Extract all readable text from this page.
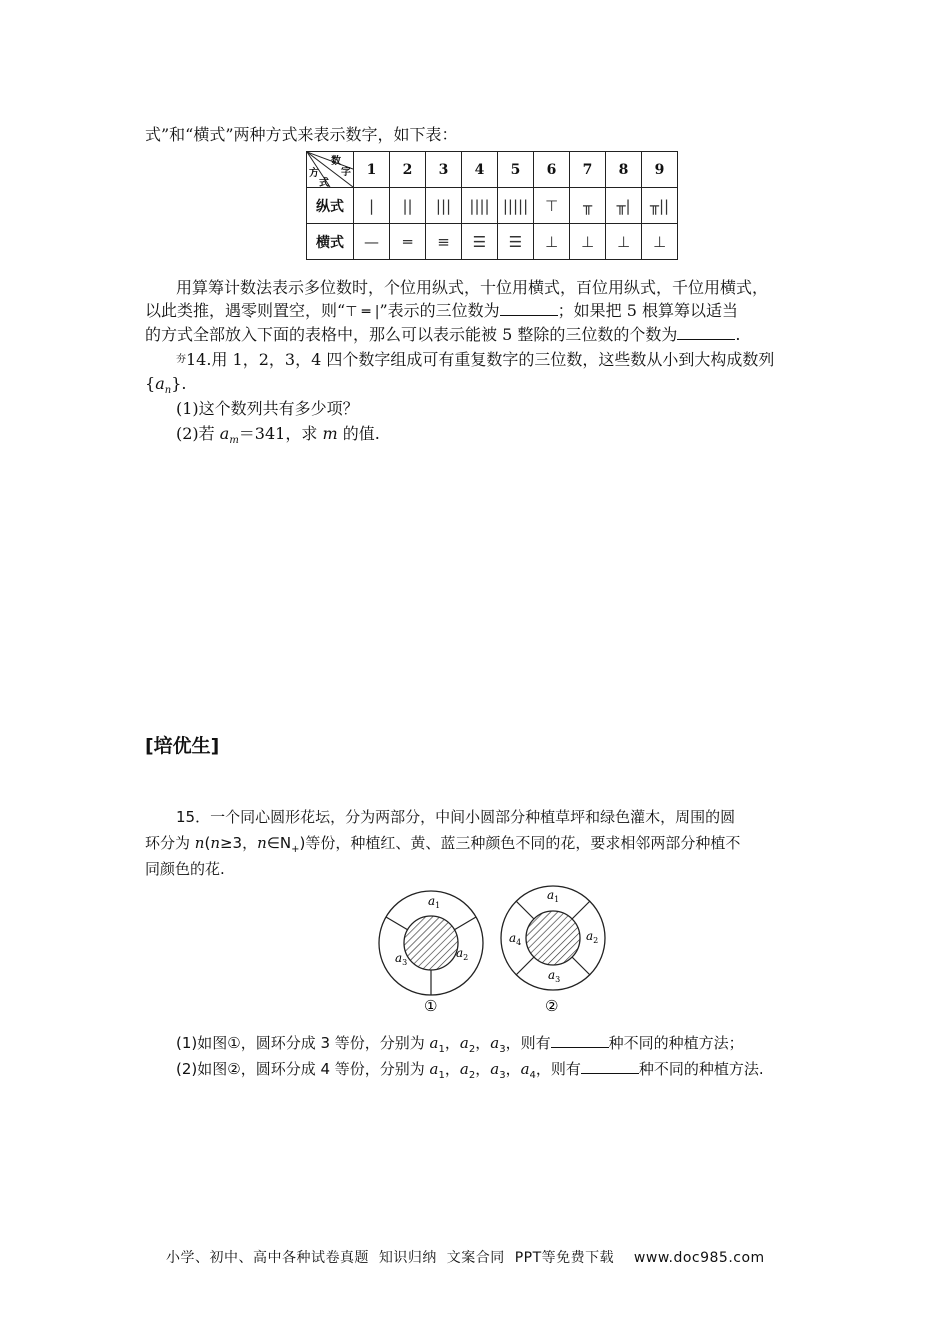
式”和“横式”两种方式来表示数字，如下表：
数
字
方
式	1	2	3	4	5	6	7	8	9
纵式	|	||	|||	||||	|||||	⊤	╥	╥|	╥||
横式	—	═	≡	☰	☰	⊥	⊥	⊥	⊥
用算筹计数法表示多位数时，个位用纵式，十位用横式，百位用纵式，千位用横式，
以此类推，遇零则置空，则“⊤ ═ |”表示的三位数为	；如果把 5 根算筹以适当
的方式全部放入下面的表格中，那么可以表示能被 5 整除的三位数的个数为	.
$^夯$14.用 1，2，3，4 四个数字组成可有重复数字的三位数，这些数从小到大构成数列
$\{a_n\}$.
(1)这个数列共有多少项？
(2)若 $a_m=341$，求 m 的值.
[培优生]
15．一个同心圆形花坛，分为两部分，中间小圆部分种植草坪和绿色灌木，周围的圆
环分为 n(n≥3，$n\in N_+$)等份，种植红、黄、蓝三种颜色不同的花，要求相邻两部分种植不
同颜色的花.
$a_1$
$a_2$
$a_3$
①
$a_1$
$a_2$
$a_3$
$a_4$
②
(1)如图①，圆环分成 3 等份，分别为 $a_1$，$a_2$，$a_3$，则有	种不同的种植方法；
(2)如图②，圆环分成 4 等份，分别为 $a_1$，$a_2$，$a_3$，$a_4$，则有	种不同的种植方法.
小学、初中、高中各种试卷真题  知识归纳  文案合同  PPT等免费下载    www.doc985.com
